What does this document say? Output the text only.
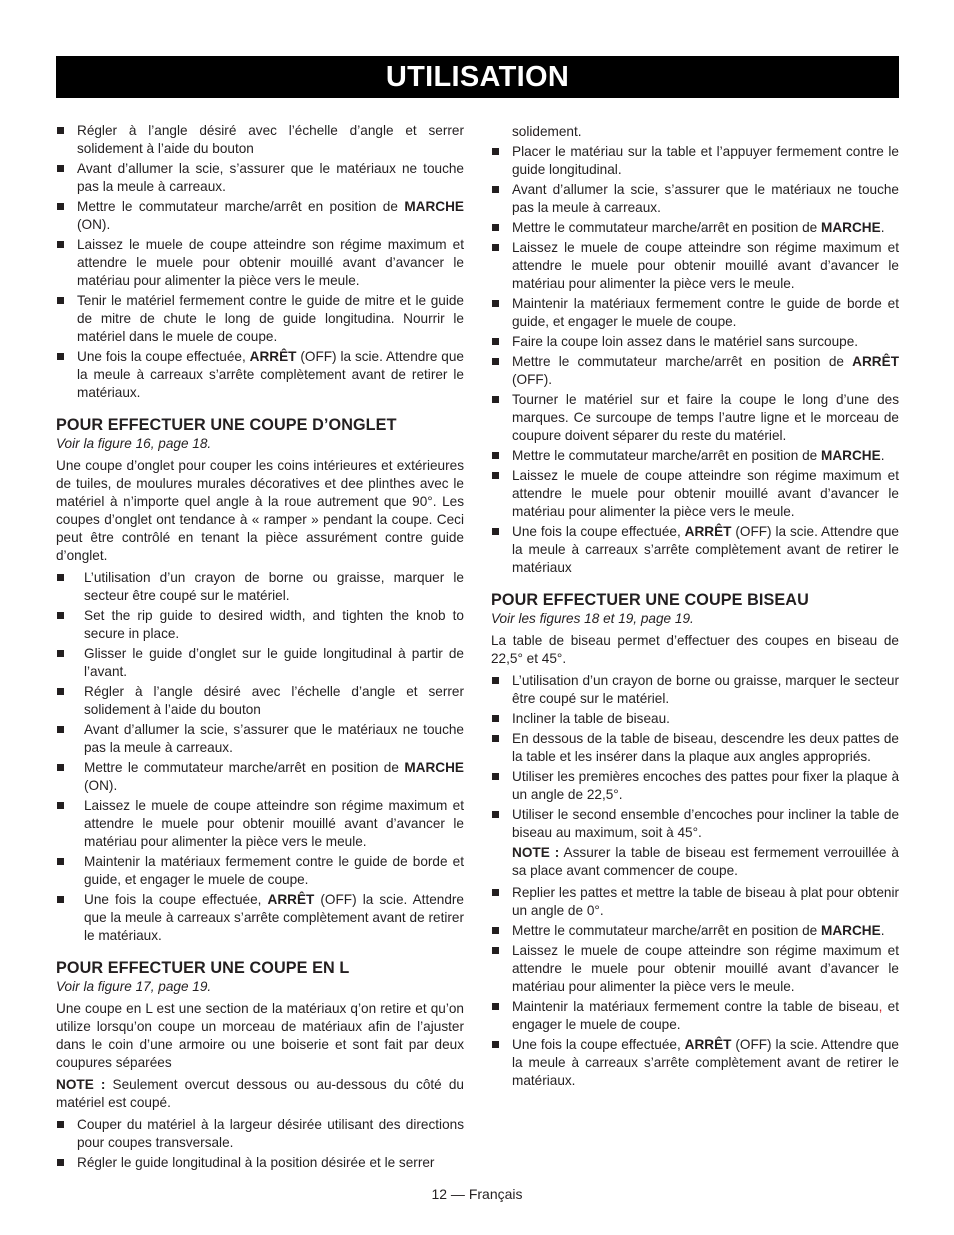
UTILISATION
Régler à l’angle désiré avec l’échelle d’angle et serrer solidement à l’aide du bouton
Avant d’allumer la scie, s’assurer que le matériaux ne touche pas la meule à carreaux.
Mettre le commutateur marche/arrêt en position de MARCHE (ON).
Laissez le muele de coupe atteindre son régime maximum et attendre le muele pour obtenir mouillé avant d’avancer le matériau pour alimenter la pièce vers le meule.
Tenir le matériel fermement contre le guide de mitre et le guide de mitre de chute le long de guide longitudina. Nourrir le matériel dans le muele de coupe.
Une fois la coupe effectuée, ARRÊT (OFF) la scie. Attendre que la meule à carreaux s’arrête complètement avant de retirer le matériaux.
POUR EFFECTUER UNE COUPE D’ONGLET
Voir la figure 16, page 18.

Une coupe d’onglet pour couper les coins intérieures et extérieures de tuiles, de moulures murales décoratives et dee plinthes avec le matériel à n’importe quel angle à la roue autrement que 90°. Les coupes d’onglet ont tendance à « ramper » pendant la coupe. Ceci peut être contrôlé en tenant la pièce assurément contre guide d’onglet.

L’utilisation d’un crayon de borne ou graisse, marquer le secteur être coupé sur le matériel.
Set the rip guide to desired width, and tighten the knob to secure in place.
Glisser le guide d’onglet sur le guide longitudinal à partir de l’avant.
Régler à l’angle désiré avec l’échelle d’angle et serrer solidement à l’aide du bouton
Avant d’allumer la scie, s’assurer que le matériaux ne touche pas la meule à carreaux.
Mettre le commutateur marche/arrêt en position de MARCHE (ON).
Laissez le muele de coupe atteindre son régime maximum et attendre le muele pour obtenir mouillé avant d’avancer le matériau pour alimenter la pièce vers le meule.
Maintenir la matériaux fermement contre le guide de borde et guide, et engager le muele de coupe.
Une fois la coupe effectuée, ARRÊT (OFF) la scie. Attendre que la meule à carreaux s’arrête complètement avant de retirer le matériaux.
POUR EFFECTUER UNE COUPE EN L
Voir la figure 17, page 19.

Une coupe en L est une section de la matériaux q’on retire et qu’on utilize lorsqu’on coupe un morceau de matériaux afin de l’ajuster dans le coin d’une armoire ou une boiserie et sont fait par deux coupures séparées

NOTE : Seulement overcut dessous ou au-dessous du côté du matériel est coupé.

Couper du matériel à la largeur désirée utilisant des directions pour coupes transversale.
Régler le guide longitudinal à la position désirée et le serrer
solidement.
Placer le matériau sur la table et l’appuyer fermement contre le guide longitudinal.
Avant d’allumer la scie, s’assurer que le matériaux ne touche pas la meule à carreaux.
Mettre le commutateur marche/arrêt en position de MARCHE.
Laissez le muele de coupe atteindre son régime maximum et attendre le muele pour obtenir mouillé avant d’avancer le matériau pour alimenter la pièce vers le meule.
Maintenir la matériaux fermement contre le guide de borde et guide, et engager le muele de coupe.
Faire la coupe loin assez dans le matériel sans surcoupe.
Mettre le commutateur marche/arrêt en position de ARRÊT (OFF).
Tourner le matériel sur et faire la coupe le long d’une des marques. Ce surcoupe de temps l’autre ligne et le morceau de coupure doivent séparer du reste du matériel.
Mettre le commutateur marche/arrêt en position de MARCHE.
Laissez le muele de coupe atteindre son régime maximum et attendre le muele pour obtenir mouillé avant d’avancer le matériau pour alimenter la pièce vers le meule.
Une fois la coupe effectuée, ARRÊT (OFF) la scie. Attendre que la meule à carreaux s’arrête complètement avant de retirer le matériaux
POUR EFFECTUER UNE COUPE BISEAU
Voir les figures 18 et 19, page 19.

La table de biseau permet d’effectuer des coupes en biseau de 22,5° et 45°.

L’utilisation d’un crayon de borne ou graisse, marquer le secteur être coupé sur le matériel.
Incliner la table de biseau.
En dessous de la table de biseau, descendre les deux pattes de la table et les insérer dans la plaque aux angles appropriés.
Utiliser les premières encoches des pattes pour fixer la plaque à un angle de 22,5°.
Utiliser le second ensemble d’encoches pour incliner la table de biseau au maximum, soit à 45°.
NOTE : Assurer la table de biseau est fermement verrouillée à sa place avant commencer de coupe.
Replier les pattes et mettre la table de biseau à plat pour obtenir un angle de 0°.
Mettre le commutateur marche/arrêt en position de MARCHE.
Laissez le muele de coupe atteindre son régime maximum et attendre le muele pour obtenir mouillé avant d’avancer le matériau pour alimenter la pièce vers le meule.
Maintenir la matériaux fermement contre la table de biseau, et engager le muele de coupe.
Une fois la coupe effectuée, ARRÊT (OFF) la scie. Attendre que la meule à carreaux s’arrête complètement avant de retirer le matériaux.
12 — Français
